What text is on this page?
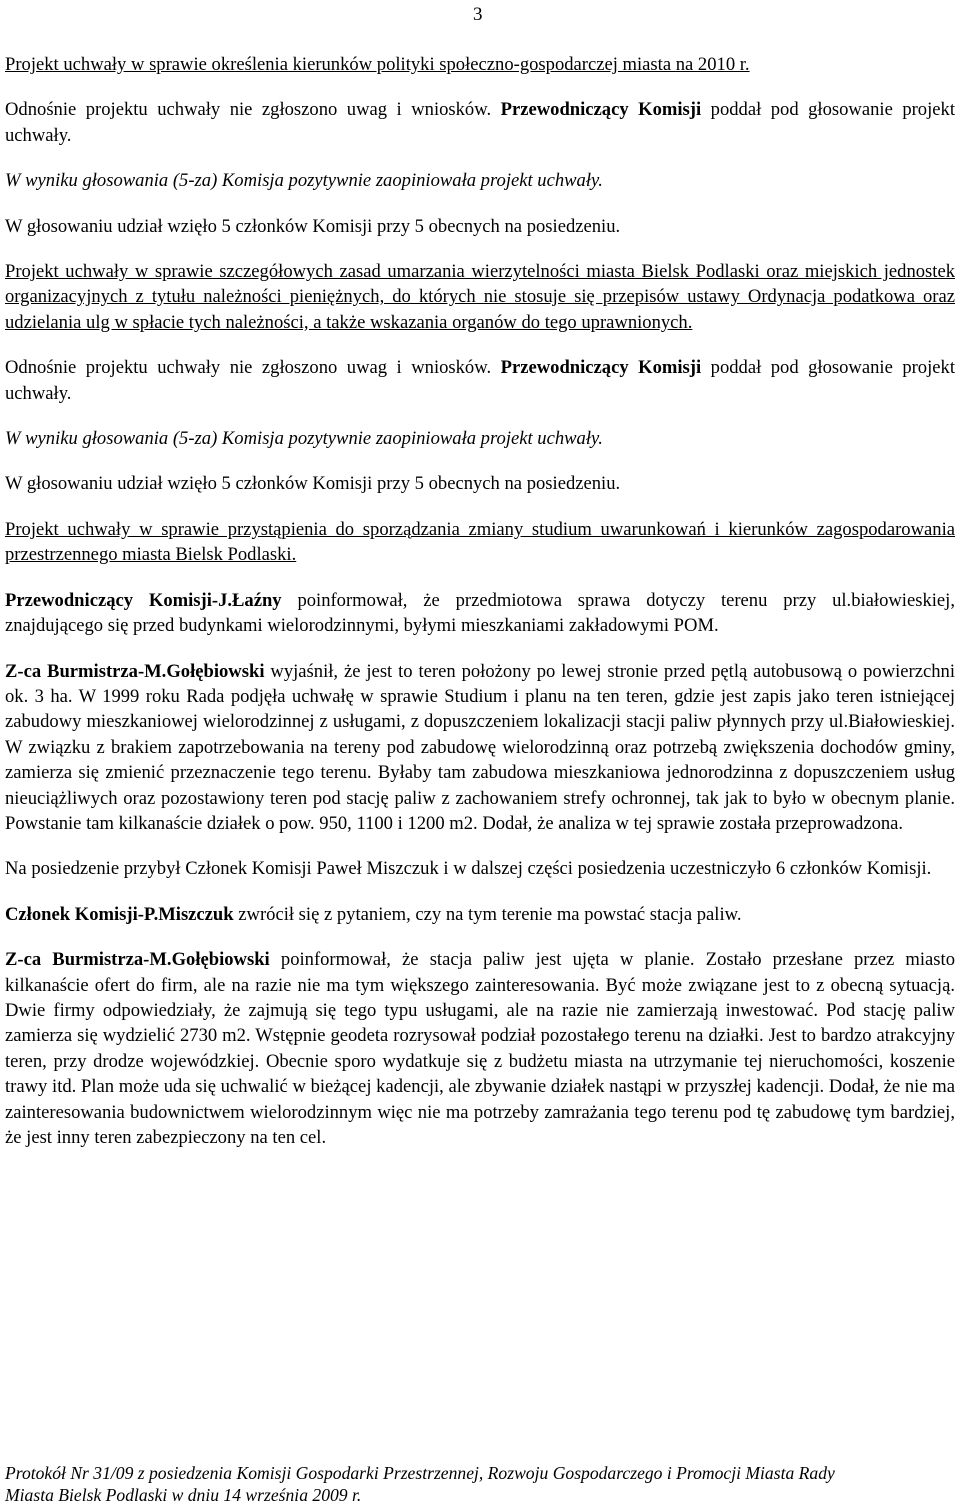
3

Projekt uchwały w sprawie określenia kierunków polityki społeczno-gospodarczej miasta na 2010 r.

Odnośnie projektu uchwały nie zgłoszono uwag i wniosków. Przewodniczący Komisji poddał pod głosowanie projekt uchwały.

W wyniku głosowania (5-za) Komisja pozytywnie zaopiniowała projekt uchwały.

W głosowaniu udział wzięło 5 członków Komisji przy 5 obecnych na posiedzeniu.

Projekt uchwały w sprawie szczegółowych zasad umarzania wierzytelności miasta Bielsk Podlaski oraz miejskich jednostek organizacyjnych z tytułu należności pieniężnych, do których nie stosuje się przepisów ustawy Ordynacja podatkowa oraz udzielania ulg w spłacie tych należności, a także wskazania organów do tego uprawnionych.

Odnośnie projektu uchwały nie zgłoszono uwag i wniosków. Przewodniczący Komisji poddał pod głosowanie projekt uchwały.

W wyniku głosowania (5-za) Komisja pozytywnie zaopiniowała projekt uchwały.

W głosowaniu udział wzięło 5 członków Komisji przy 5 obecnych na posiedzeniu.

Projekt uchwały w sprawie przystąpienia do sporządzania zmiany studium uwarunkowań i kierunków zagospodarowania przestrzennego miasta Bielsk Podlaski.

Przewodniczący Komisji-J.Łaźny poinformował, że przedmiotowa sprawa dotyczy terenu przy ul.białowieskiej, znajdującego się przed budynkami wielorodzinnymi, byłymi mieszkaniami zakładowymi POM.

Z-ca Burmistrza-M.Gołębiowski wyjaśnił, że jest to teren położony po lewej stronie przed pętlą autobusową o powierzchni ok. 3 ha. W 1999 roku Rada podjęła uchwałę w sprawie Studium i planu na ten teren, gdzie jest zapis jako teren istniejącej zabudowy mieszkaniowej wielorodzinnej z usługami, z dopuszczeniem lokalizacji stacji paliw płynnych przy ul.Białowieskiej. W związku z brakiem zapotrzebowania na tereny pod zabudowę wielorodzinną oraz potrzebą zwiększenia dochodów gminy, zamierza się zmienić przeznaczenie tego terenu. Byłaby tam zabudowa mieszkaniowa jednorodzinna z dopuszczeniem usług nieuciążliwych oraz pozostawiony teren pod stację paliw z zachowaniem strefy ochronnej, tak jak to było w obecnym planie. Powstanie tam kilkanaście działek o pow. 950, 1100 i 1200 m2. Dodał, że analiza w tej sprawie została przeprowadzona.

Na posiedzenie przybył Członek Komisji Paweł Miszczuk i w dalszej części posiedzenia uczestniczyło 6 członków Komisji.

Członek Komisji-P.Miszczuk zwrócił się z pytaniem, czy na tym terenie ma powstać stacja paliw.

Z-ca Burmistrza-M.Gołębiowski poinformował, że stacja paliw jest ujęta w planie. Zostało przesłane przez miasto kilkanaście ofert do firm, ale na razie nie ma tym większego zainteresowania. Być może związane jest to z obecną sytuacją. Dwie firmy odpowiedziały, że zajmują się tego typu usługami, ale na razie nie zamierzają inwestować. Pod stację paliw zamierza się wydzielić 2730 m2. Wstępnie geodeta rozrysował podział pozostałego terenu na działki. Jest to bardzo atrakcyjny teren, przy drodze wojewódzkiej. Obecnie sporo wydatkuje się z budżetu miasta na utrzymanie tej nieruchomości, koszenie trawy itd. Plan może uda się uchwalić w bieżącej kadencji, ale zbywanie działek nastąpi w przyszłej kadencji. Dodał, że nie ma zainteresowania budownictwem wielorodzinnym więc nie ma potrzeby zamrażania tego terenu pod tę zabudowę tym bardziej, że jest inny teren zabezpieczony na ten cel.

Protokół Nr 31/09 z posiedzenia Komisji Gospodarki Przestrzennej, Rozwoju Gospodarczego i Promocji Miasta Rady
Miasta Bielsk Podlaski w dniu 14 września 2009 r.
